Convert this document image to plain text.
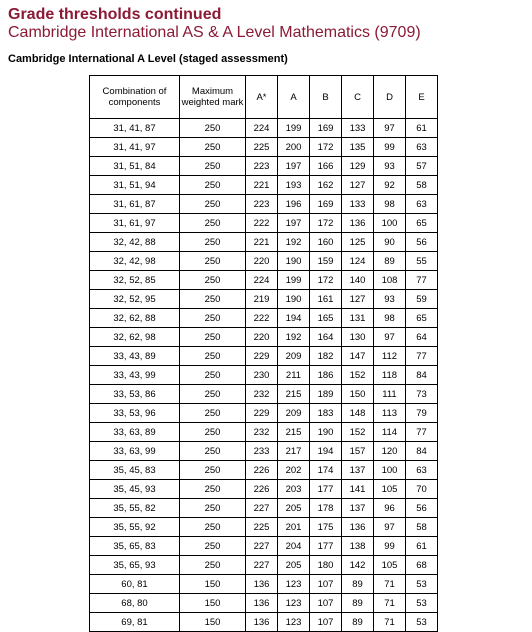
Grade thresholds continued
Cambridge International AS & A Level Mathematics (9709)
Cambridge International A Level (staged assessment)
Combination of components	Maximum weighted mark	A*	A	B	C	D	E
31, 41, 87	250	224	199	169	133	97	61
31, 41, 97	250	225	200	172	135	99	63
31, 51, 84	250	223	197	166	129	93	57
31, 51, 94	250	221	193	162	127	92	58
31, 61, 87	250	223	196	169	133	98	63
31, 61, 97	250	222	197	172	136	100	65
32, 42, 88	250	221	192	160	125	90	56
32, 42, 98	250	220	190	159	124	89	55
32, 52, 85	250	224	199	172	140	108	77
32, 52, 95	250	219	190	161	127	93	59
32, 62, 88	250	222	194	165	131	98	65
32, 62, 98	250	220	192	164	130	97	64
33, 43, 89	250	229	209	182	147	112	77
33, 43, 99	250	230	211	186	152	118	84
33, 53, 86	250	232	215	189	150	111	73
33, 53, 96	250	229	209	183	148	113	79
33, 63, 89	250	232	215	190	152	114	77
33, 63, 99	250	233	217	194	157	120	84
35, 45, 83	250	226	202	174	137	100	63
35, 45, 93	250	226	203	177	141	105	70
35, 55, 82	250	227	205	178	137	96	56
35, 55, 92	250	225	201	175	136	97	58
35, 65, 83	250	227	204	177	138	99	61
35, 65, 93	250	227	205	180	142	105	68
60, 81	150	136	123	107	89	71	53
68, 80	150	136	123	107	89	71	53
69, 81	150	136	123	107	89	71	53
